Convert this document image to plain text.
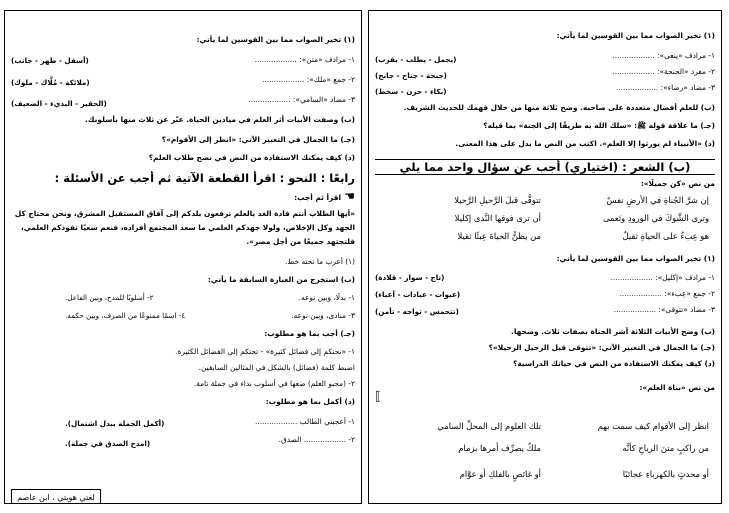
(١) تخير الصواب مما بين القوسين لما يأتي:
١- مرادف «ينعى»: ..................
(يجمل - يطلب - يقرب)
٢- مفرد «الجنحة»: ..................
(جنحة - جناح - جانح)
٣- مضاد «رضاء»: ..................
(بكاء - حزن - سخط)
(ب) للعلم أفضال متعددة على صاحبه. وضح ثلاثة منها من خلال فهمك للحديث الشريف.
(جـ) ما علاقة قوله ﷺ: «سلك الله به طريقًا إلى الجنة» بما قبله؟
(د) «الأنبياء لم يورثوا إلا العلم». اكتب من النص ما يدل على هذا المعنى.
(ب) الشعر : (اختياري) أجب عن سؤال واحد مما يلي
من نص «كن جميلًا»:
إن شرَّ الجُناةِ في الأرضِ نفسٌ
تتوقَّى قبلَ الرَّحيلِ الرَّحيلا
وترى الشَّوكَ في الورودِ وتَعمى
أن ترى فوقها النَّدى إكليلا
هو عِبءٌ على الحياةِ ثقيلٌ
من يظنُّ الحياةَ عِبئًا ثقيلا
(١) تخير الصواب مما بين القوسين لما يأتي:
١- مرادف «إكليل»: ..................
(تاج - سوار - قلادة)
٢- جمع «عِبء»: ..................
(عبوات - عبادات - أعباء)
٣- مضاد «تتوقى»: ..................
(تتحمس - تواجه - تأمن)
(ب) وضح الأبيات الثلاثة أشر الجناة بصفات ثلاث. وضحها.
(جـ) ما الجمال في التعبير الآتي: «تتوقى قبل الرحيل الرحيلا»؟
(د) كيف يمكنك الاستفادة من النص في حياتك الدراسية؟
من نص «بناة العلم»:
انظر إلى الأقوام كيف سمت بهم
تلك العلوم إلى المحلِّ السامي
من راكبٍ متنَ الرياحِ كأنَّه
ملكٌ يصرِّف أمرها بزمام
أو محدثٍ بالكهرباءِ عجائبًا
أو غائصٍ بالفلكِ أو عوَّام
⟧
(١) تخير الصواب مما بين القوسين لما يأتي:
١- مرادف «متن»: ..................
(أسفل - ظهر - جانب)
٢- جمع «ملك»: ..................
(ملائكة - مُلَّاك - ملوك)
٣- مضاد «السامي»: ..................
(الحقير - البذيء - الضعيف)
(ب) وصفت الأبيات أثر العلم في ميادين الحياة. عبّر عن ثلاث منها بأسلوبك.
(جـ) ما الجمال في التعبير الآتي: «انظر إلى الأقوام»؟
(د) كيف يمكنك الاستفادة من النص في نصح طلاب العلم؟
رابعًا : النحو : اقرأ القطعة الآتية ثم أجب عن الأسئلة :
اقرأ ثم أجب: ☚
«أيها الطلاب أنتم قادة الغد بالعلم ترفعون بلدكم إلى آفاق المستقبل المشرق، ونحن محتاج كل
الجهد وكل الإخلاص، ولولا جهدكم العلمي ما سعد المجتمع أفراده، فنعم سعيًا نفوذكم العلمي،
فلتجتهد جميعًا من أجل مصر».
(١) أعرب ما تحته خط.
(ب) استخرج من العبارة السابقة ما يأتي:
١- بدلًا، وبين نوعه.
٢- أسلوبًا للمدح، وبين الفاعل.
٣- منادى، وبين نوعه.
٤- اسمًا ممنوعًا من الصرف، وبين حكمه.
(جـ) أجب بما هو مطلوب:
١- «نحتكم إلى فضائل كثيرة» - تحتكم إلى الفضائل الكثيرة.
اضبط كلمة (فضائل) بالشكل في المثالين السابقين.
٢- (محبو العلم) ضعها في أسلوب نداء في جملة تامة.
(د) أكمل بما هو مطلوب:
١- أعجبني الطالب ..................
(أكمل الجملة ببدل اشتمال).
٢- .................. الصدق.
(امدح الصدق في جملة).
لغتي هويتي ، ابن عاصم
